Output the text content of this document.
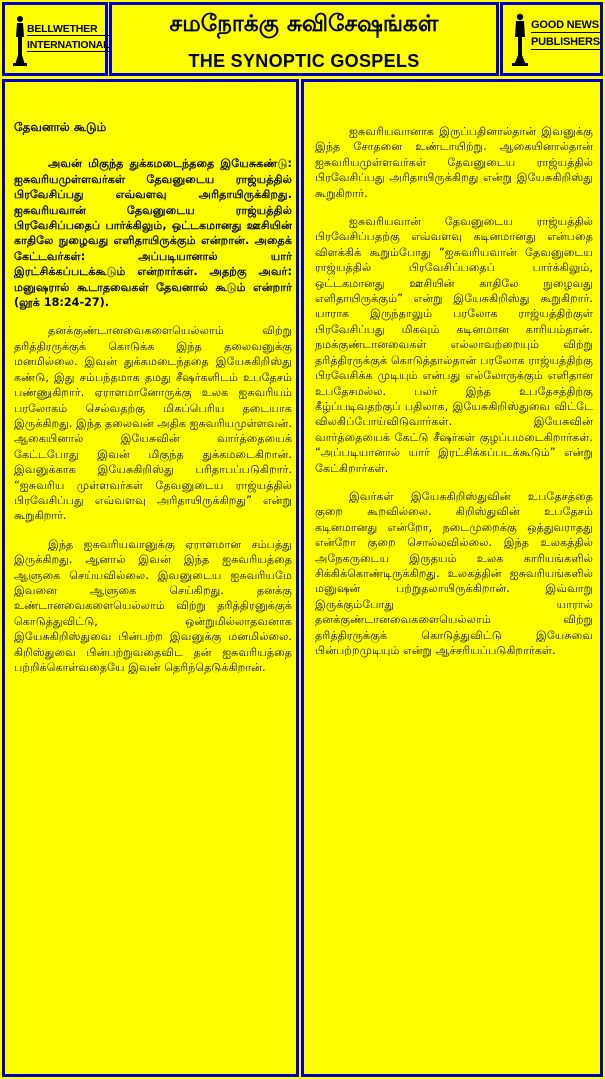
BELLWETHER
INTERNATIONAL
சமநோக்கு சுவிசேஷங்கள்
THE SYNOPTIC GOSPELS
GOOD NEWS
PUBLISHERS
தேவனால் கூடும்

அவன் மிகுந்த துக்கமடைந்ததை இயேசுகண்டு: ஐசுவரியமுள்ளவர்கள் தேவனுடைய ராஜ்யத்தில் பிரவேசிப்பது எவ்வளவு அரிதாயிருக்கிறது. ஐசுவரியவான் தேவனுடைய ராஜ்யத்தில் பிரவேசிப்பதைப் பார்க்கிலும், ஒட்டகமானது ஊசியின் காதிலே நுழைவது எளிதாயிருக்கும் என்றான். அதைக் கேட்டவர்கள்: அப்படியானால் யார் இரட்சிக்கப்படக்கூடும் என்றார்கள். அதற்கு அவர்: மனுஷரால் கூடாதவைகள் தேவனால் கூடும் என்றார் (லூக் 18:24-27).

தனக்குண்டானவைகளையெல்லாம் விற்று தரித்திரருக்குக் கொடுக்க இந்த தலைவனுக்கு மனமில்லை. இவன் துக்கமடைந்ததை இயேசுகிறிஸ்து கண்டு, இது சம்பந்தமாக தமது சீஷர்களிடம் உபதேசம் பண்ணுகிறார். ஏராளமானோருக்கு உலக ஐசுவரியம் பரலோகம் செல்வதற்கு மிகப்பெரிய தடையாக இருக்கிறது. இந்த தலைவன் அதிக ஐசுவரியமுள்ளவன். ஆகையினால் இயேசுவின் வார்த்தையைக் கேட்டபோது இவன் மிகுந்த துக்கமடைகிறான். இவனுக்காக இயேசுகிறிஸ்து பரிதாபப்படுகிறார். “ஐசுவரிய முள்ளவர்கள் தேவனுடைய ராஜ்யத்தில் பிரவேசிப்பது எவ்வளவு அரிதாயிருக்கிறது” என்று கூறுகிறார்.

இந்த ஐசுவரியவானுக்கு ஏராளமான சம்பத்து இருக்கிறது. ஆனால் இவன் இந்த ஐசுவரியத்தை ஆளுகை செய்யவில்லை. இவனுடைய ஐசுவரியமே இவனை ஆளுகை செய்கிறது. தனக்கு உண்டானவைகளையெல்லாம் விற்று தரித்திரனுக்குக் கொடுத்துவிட்டு, ஒன்றுமில்லாதவனாக இயேசுகிறிஸ்துவை பின்பற்ற இவனுக்கு மனமில்லை. கிறிஸ்துவை பின்பற்றுவதைவிட தன் ஐசுவரியத்தை பற்றிக்கொள்வதையே இவன் தெரிந்தெடுக்கிறான்.

ஐசுவரியவானாக இருப்பதினால்தான் இவனுக்கு இந்த சோதனை உண்டாயிற்று. ஆகையினால்தான் ஐசுவரியமுள்ளவர்கள் தேவனுடைய ராஜ்யத்தில் பிரவேசிப்பது அரிதாயிருக்கிறது என்று இயேசுகிறிஸ்து கூறுகிறார்.

ஐசுவரியவான் தேவனுடைய ராஜ்யத்தில் பிரவேசிப்பதற்கு எவ்வளவு கடினமானது என்பதை விளக்கிக் கூறும்போது “ஐசுவரியவான் தேவனுடைய ராஜ்யத்தில் பிரவேசிப்பதைப் பார்க்கிலும், ஒட்டகமானது ஊசியின் காதிலே நுழைவது எளிதாயிருக்கும்” என்று இயேசுகிறிஸ்து கூறுகிறார். யாராக இருந்தாலும் பரலோக ராஜ்யத்திற்குள் பிரவேசிப்பது மிகவும் கடினமான காரியம்தான். நமக்குண்டானவைகள் எல்லாவற்றையும் விற்று தரித்திரருக்குக் கொடுத்தால்தான் பரலோக ராஜ்யத்திற்கு பிரவேசிக்க முடியும் என்பது எல்லோருக்கும் எளிதான உபதேசமல்ல. பலர் இந்த உபதேசத்திற்கு கீழ்ப்படிவதற்குப் பதிலாக, இயேசுகிறிஸ்துவை விட்டே விலகிப்போய்விடுவார்கள். இயேசுவின் வார்த்தையைக் கேட்டு சீஷர்கள் குழப்பமடைகிறார்கள். “அப்படியானால் யார் இரட்சிக்கப்படக்கூடும்” என்று கேட்கிறார்கள்.

இவர்கள் இயேசுகிறிஸ்துவின் உபதேசத்தை குறை கூறவில்லை. கிறிஸ்துவின் உபதேசம் கடினமானது என்றோ, நடைமுறைக்கு ஒத்துவராதது என்றோ குறை சொல்லவில்லை. இந்த உலகத்தில் அநேகருடைய இருதயம் உலக காரியங்களில் சிக்கிக்கொண்டிருக்கிறது. உலகத்தின் ஐசுவரியங்களில் மனுஷன் பற்றுதலாயிருக்கிறான். இவ்வாறு இருக்கும்போது யாரால் தனக்குண்டானவைகளையெல்லாம் விற்று தரித்திரருக்குக் கொடுத்துவிட்டு இயேசுவை பின்பற்றமுடியும் என்று ஆச்சரியப்படுகிறார்கள்.
